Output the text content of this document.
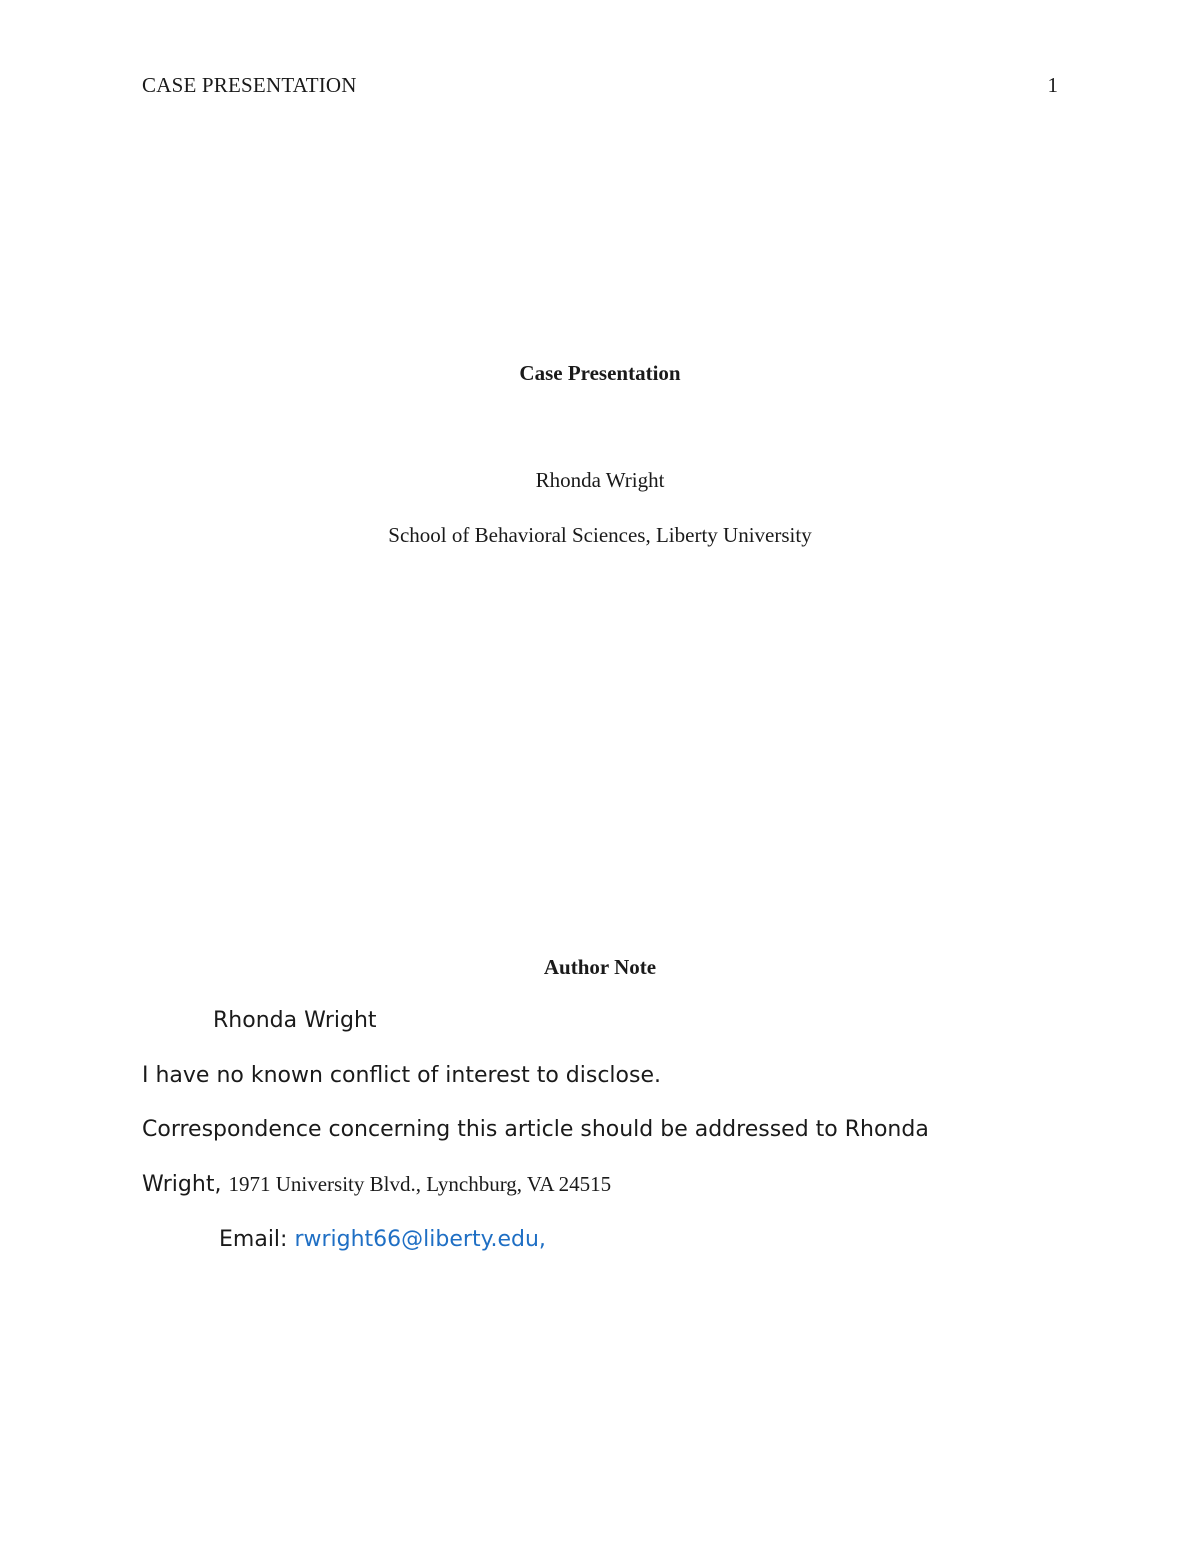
CASE PRESENTATION	1
Case Presentation
Rhonda Wright
School of Behavioral Sciences, Liberty University
Author Note
Rhonda Wright
I have no known conflict of interest to disclose.
Correspondence concerning this article should be addressed to Rhonda
Wright, 1971 University Blvd., Lynchburg, VA 24515
Email: rwright66@liberty.edu,
